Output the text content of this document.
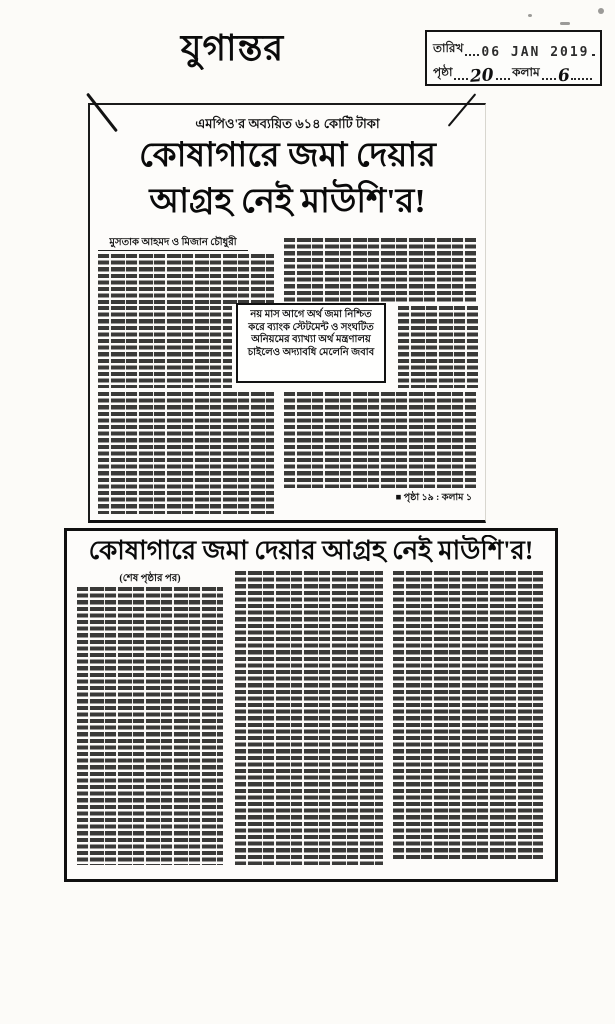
যুগান্তর	তারিখ 06 JAN 2019
পৃষ্ঠা 20 কলাম 6
এমপিও'র অব্যয়িত ৬১৪ কোটি টাকা
কোষাগারে জমা দেয়ার
আগ্রহ নেই মাউশি'র!
মুসতাক আহমদ ও মিজান চৌধুরী
নয় মাস আগে অর্থ জমা নিশ্চিত করে ব্যাংক স্টেটমেন্ট ও সংঘটিত অনিয়মের ব্যাখ্যা অর্থ মন্ত্রণালয় চাইলেও অদ্যাবধি মেলেনি জবাব
■ পৃষ্ঠা ১৯ : কলাম ১
কোষাগারে জমা দেয়ার আগ্রহ নেই মাউশি'র!
(শেষ পৃষ্ঠার পর)
